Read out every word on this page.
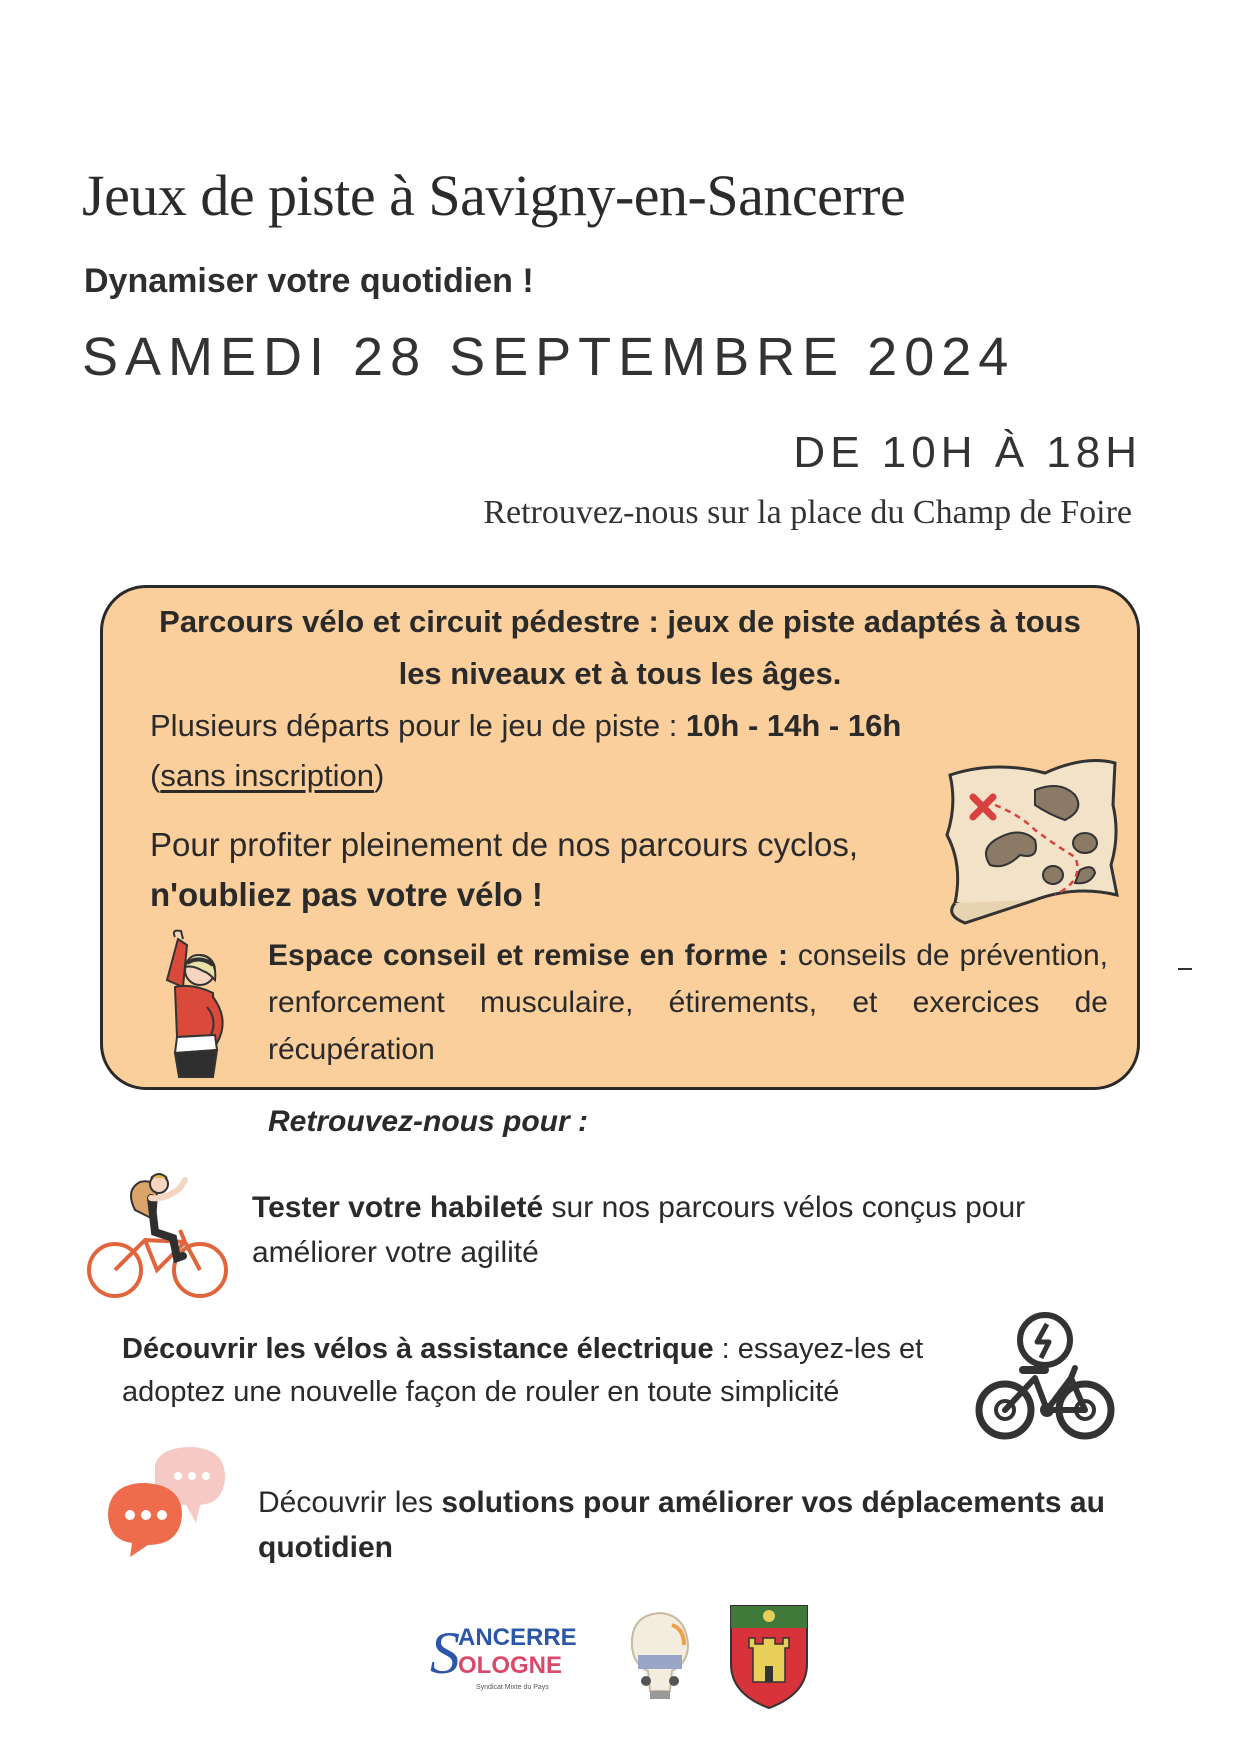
Jeux de piste à Savigny-en-Sancerre
Dynamiser votre quotidien !
SAMEDI 28 SEPTEMBRE 2024
DE 10H À 18H
Retrouvez-nous sur la place du Champ de Foire
Parcours vélo et circuit pédestre : jeux de piste adaptés à tous
les niveaux et à tous les âges.
Plusieurs départs pour le jeu de piste : 10h - 14h - 16h
(sans inscription)
Pour profiter pleinement de nos parcours cyclos,
n'oubliez pas votre vélo !
Espace conseil et remise en forme : conseils de prévention, renforcement musculaire, étirements, et exercices de récupération
Retrouvez-nous pour :
Tester votre habileté sur nos parcours vélos conçus pour améliorer votre agilité
Découvrir les vélos à assistance électrique : essayez-les et adoptez une nouvelle façon de rouler en toute simplicité
Découvrir les solutions pour améliorer vos déplacements au quotidien
S
ANCERRE
OLOGNE
Syndicat Mixte du Pays
